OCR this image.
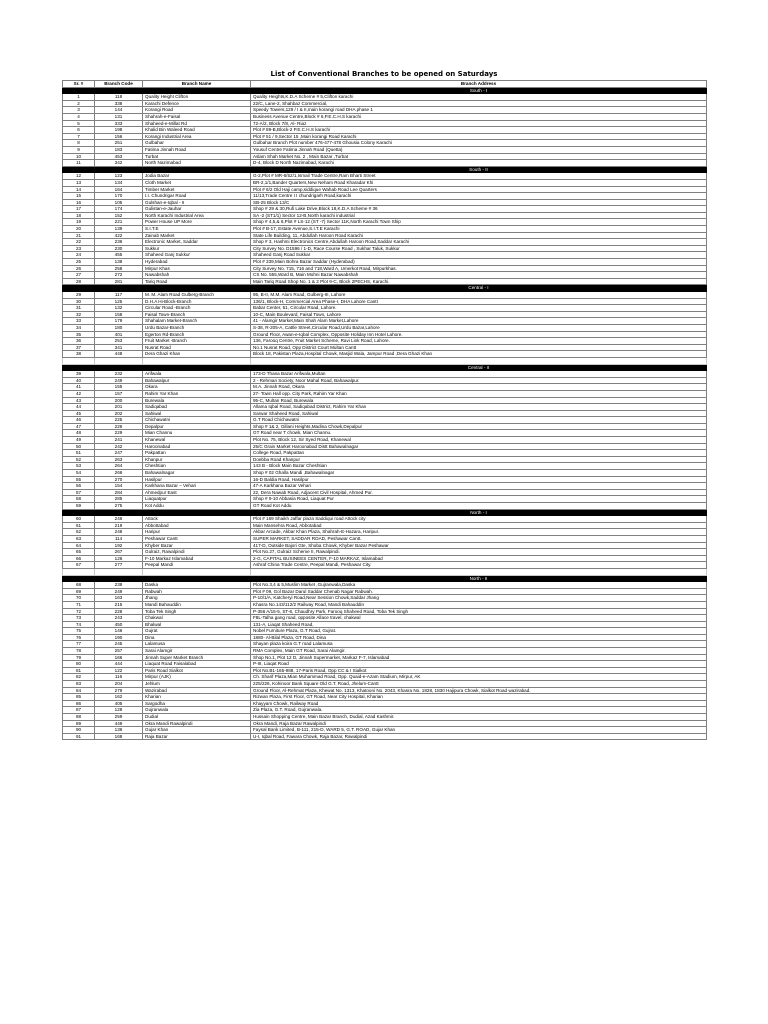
List of Conventional Branches to be opened on Saturdays
Sr. #	Branch Code	Branch Name	Branch Address
			South - I
1	118	Quality Height Clifton	Quality Heights,K.D.A Scheme # 5,Clifton karachi
2	338	Karachi Defence	22/C, Lane-2, Shahbaz Commercial,
3	144	Korangi Road	Speedy Towers,129 / I & II,main korangi road DHA phase 1
4	131	Shahrah-e-Faisal	Business Avenue Centre,Block # 6,P.E.C.H.S karachi
5	333	Shaheed-e-Millat Rd	72-A/2, Block 7/8, Al- Riaz
6	198	Khalid Bin Waleed Road	Plot # 89-B,Block-2 P.E.C.H.S karachi
7	156	Korangi Industrial Area	Plot # 51 / 9,Sector 15 ,Main korangi Road Karachi
8	251	Gulbahar	Gulbahar Branch Plot number 476-477-478 Ghousia Colony Karachi
9	183	Fatima Jinnah Road	Yousuf Centre Fatima Jinnah Road (Quetta)
10	453	Turbat	Aslam Shah Market No. 2 , Main Bazar ,Turbat
11	342	North Nazimabad	D-4, Block D North Nazimabad, Karachi
			South - II
12	123	Jodia Bazar	G-2,Plot # MR-6/52/1,Ismail Trade Centre,Ram Bharti Street
13	134	Cloth Market	BR-2,1/1,Bander Quarters,New Neham Road Kharadar Khi
14	164	Timber Market	Plot # 6/2 Old Haji camp,siddique Wahab Road Lee Quarters
15	170	I.I. Chundrigar Road	11/13,Trade Centre I I chundrigarh Road,karachi
16	105	Gulshan-e-Iqbal - II	SB-25 Block 13/C
17	174	Gulistan-e-Jauhar	Shop # 29 & 30,Rufi Lake Drive,Block 18,K.D.A Scheme # 36
18	152	North Karachi Industrial Area	SA -2 (ST1/1) Sector 12-B,North karachi industrial
19	221	Power House UP More	Shop # 4,5,& 6,Plot # LS-12 (ST -7) Sector 11K,North Karachi Town Ship
20	139	S.I.T.E	Plot # B-17, Estate Avenue,S.I.T.E Karachi
21	422	Zainab Market	State Life Building, 11, Abdullah Haroon Road Karachi
22	236	Electronic Market, Saddar	Shop # 3, Hashmi Electronics Centre,Abdullah Haroon Road,Saddar Karachi
23	230	Sukkur	City Survey No. D1596 / 1-D, Race Course Road , Sukhar Taluk, Sukkur
24	455	Shaheed Ganj Sukkur	Shaheed Ganj Road Sukkar
25	138	Hyderabad	Plot # 339,Main Bohra Bazar Saddar (Hyderabad)
26	258	Mirpur Khas	City Survey No. 715, 716 and 718,Ward A, Umerkot Road, Mirpurkhas.
27	272	Nawabshah	CS No. 555,Ward B, Main Mohni Bazar Nawabshah
28	281	Tariq Road	Main Tariq Road Shop No. 1 & 2 Plot 9-C, Block 2PECHS, Karachi.
			Central - I
29	117	M. M. Alam Road Gulberg-Branch	95, B-II, M.M. Alam Road, Gulberg-III, Lahore
30	125	D.H.A Hi-Block-Branch	136/1, Block-H, Commercial Area Phase-I, DHA Lahore Cantt
31	132	Circular Road -Branch	Babar Center, 51, Circular Road, Lahore.
32	158	Faisal Town-Branch	10-C, Main Boulevard, Faisal Town, Lahore
33	179	Shahalam Market-Branch	41 - Alamgir Market,Main Shah Alam Market,Lahore
34	180	Urdu Bazar-Branch	S-38, R-205-A, Cattle Street,Circular Road,Urdu Bazar,Lahore
35	401	Egerton Rd-Branch	Ground Floor, Awan-e-Iqbal Complex, Opposite Holiday Inn Hotel Lahore.
36	253	Fruit Market -Branch	136, Farooq Centre, Fruit Market Scheme, Ravi Link Road, Lahore.
37	341	Nusrat Road	No.1 Nusrat Road, Opp District Court Multan Cantt
38	448	Dera Ghazi Khan	Block 18, Pakistan Plaza,Hospital Chowk, Masjid Wala, Jampur Road ,Dera Ghazi Khan

			Central - II
39	232	Arifwala	173-D Thana Bazar Arifwala,Multan
40	249	Bahawalpur	2 - Rehman Society, Noor Mahal Road, Bahawalpur.
41	155	Okara	M.A. Jinnah Road, Okara
42	157	Rahim Yar Khan	27- Town Hall opp. City Park, Rahim Yar Khan
43	200	Burewala	95-C, Multan Road, Burewala
44	201	Sadiqabad	Allama Iqbal Road, Sadiqabad District, Rahim Yar Khan
45	202	Sahiwal	Sarwar Shaheed Road, Sahiwal
46	225	Chichawatni	G.T Road Chichawatni
47	226	Depalpur	Shop # 1& 2, Gillani Heights,Madina Chowk,Depalpur
48	229	Mian Channu	GT Road near T chowk, Mian Channu.
49	241	Khanewal	Plot No. 75, Block 12, Sir Syed Road, Khanewal
50	242	Haroonabad	25/C Grain Market Haroonabad Distt Bahawalnagar
51	247	Pakpattan	College Road, Pakpattan
52	263	Khanpur	Doebba Road Khanpur
53	264	Cheshtian	143 B - Block Main Bazar Cheshtian
54	266	Bahawalnagar	Shop # 02 Ghalla Mandi ,Bahawalnagar
55	270	Hasilpur	16-D Baldia Road, Hasilpur
56	154	Karkhana Bazar – Vehari	47-A Karkhana Bazar Vehari
57	284	Ahmedpur East	22, Dera Nawab Road, Adjacent Civil Hospital, Ahmed Pur.
58	285	Liaquatpur	Shop # 9-10 Abbasia Road, Liaquat Pur
59	275	Kot Addu	GT Road Kot Addu
			North - I
60	246	Attock	Plot # 169 Shaikh Jaffar plaza Saddiqui road Attock city
61	219	Abbottabad	Main Mansehra Road, Abbotabad
62	248	Haripur	Akbar Arcade, Akbar Khan Plaza, Shahrah-E-Hazara, Haripur.
63	114	Peshawar Cantt	SUPER MARKET, SADDAR ROAD, Peshawar Cantt.
64	192	Khyber Bazar	417-D, Outside Bajori Gte, Shoba Chowk, Khyber Bazar Peshawar
65	267	Gulraiz, Rawalpindi	Plot No.27, Gulraiz Scheme II, Rawalpindi.
66	126	F-10 Markaz Islamabad	2-G, CAPITAL BUSINEES CENTER, F-10 MARKAZ, Islamabad
67	277	Peepal Mandi	Ashraf China Trade Centre, Peepal Mandi, Peshawar City.

			North - II
68	238	Daska	Plot No.3,4 & 5,Muslim Market ,Gujranwala,Daska
69	249	Rabwah	Plot # 09, Gol Bazar Darul Saddar Chenab Nagar Rabwah.
70	163	Jhang	P-10/1/A, Katcheryi Road,Near Session Chowk,Saddar Jhang
71	215	Mandi Bahauddin	Khasra No.143/112/2 Railway Road, Mandi Bahauddin
72	228	Toba Tek Singh	P-356 A/15-5, ST-6, Chaudhry Park, Farooq Shaheed Road, Toba Tek Singh
73	243	Chakwal	F8L-Talha gang road, opposite Allace travel, chakwal
74	450	Bhalwal	131-A, Liaqat Shaheed Road,
75	146	Gujrat	Nobel Furniture Plaza, G.T Road, Gujrat.
76	190	Dina	1880- Al-Bilal Plaza, GT Road, Dina
77	245	Lalamusa	Shayan plaza koira G.T road Lalamusa
78	257	Sarai Alamgir	RMA Complex, Main GT Road, Sarai Alamgir.
79	166	Jinnah Super Market Branch	Shop No.1, Plot 12 D, Jinnah Supermarket, Markaz F-7, Islamabad
80	444	Liaquat Road Faisalabad	P-III, Liaqat Road
81	122	Paris Road Sialkot	Plot No.B1-165-988, 17-Paris Road, Opp CC & I Sialkot
82	116	Mirpur (AJK)	Ch. Sharif Plaza,Mian Muhammad Road, Opp. Quaid-e-Azam Stadium, Mirpur, AK
83	204	Jehlum	225/226, Kohinoor Bank Square Old G.T. Road, Jhelum-Cantt
84	279	Wazirabad	Ground Floor, Al-Rehmat Plaza, Khewat No. 1313, Khatooni No. 2043, Khasra No. 1828, 1830 Hajipura Chowk, Sialkot Road wazirabad.
85	162	Kharian	Rizwan Plaza, First Floor, GT Road, Near City Hospital, Kharian
86	405	Sargodha	Khayyam Chowk, Railway Road
87	128	Gujranwala	Zia Plaza, G.T. Road, Gujranwala.
88	259	Dudial	Hussain Shopping Centre, Main Bazar Branch, Dudial, Azad Kashmir.
89	449	Okra Mandi Rawalpindi	Okra Mandi, Raja Bazar Rawalpindi
90	136	Gujar Khan	Faysal Bank Limited, B-111, 215-D, WARD 5, G.T. ROAD, Gujar Khan
91	168	Raja Bazar	U-I, Iqbal Road, Fawara Chowk, Raja Bazar, Rawalpindi
